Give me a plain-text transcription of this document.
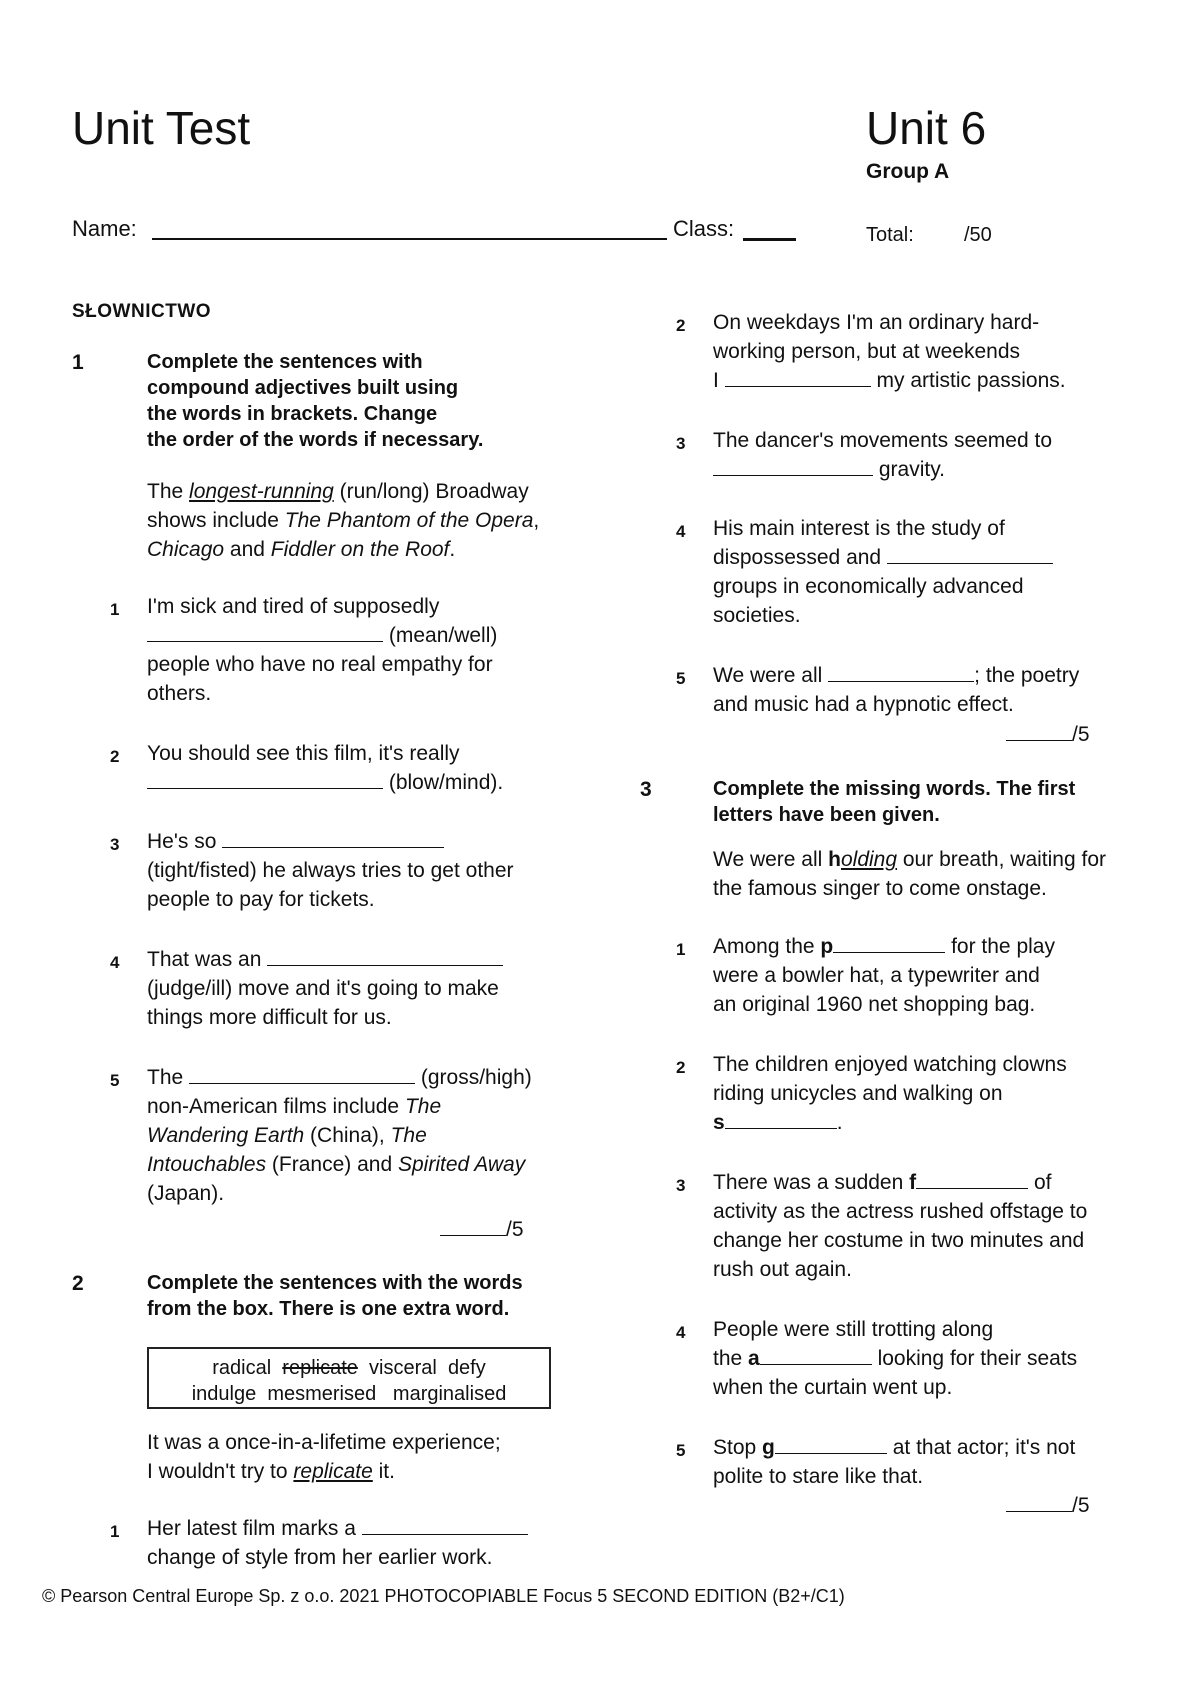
Unit Test	Unit 6
Group A
Name:	Class:	Total:	/50
SŁOWNICTWO
1	Complete the sentences with
compound adjectives built using
the words in brackets. Change
the order of the words if necessary.
The longest-running (run/long) Broadway
shows include The Phantom of the Opera,
Chicago and Fiddler on the Roof.
1 I'm sick and tired of supposedly
(mean/well)
people who have no real empathy for
others.
2 You should see this film, it's really
(blow/mind).
3 He's so
(tight/fisted) he always tries to get other
people to pay for tickets.
4 That was an
(judge/ill) move and it's going to make
things more difficult for us.
5 The	(gross/high)
non-American films include The
Wandering Earth (China), The
Intouchables (France) and Spirited Away
(Japan).
/5
2	Complete the sentences with the words
from the box. There is one extra word.
radical replicate visceral defy
indulge mesmerised marginalised
It was a once-in-a-lifetime experience;
I wouldn't try to replicate it.
1 Her latest film marks a
change of style from her earlier work.
2 On weekdays I'm an ordinary hard-
working person, but at weekends
I	my artistic passions.
3 The dancer's movements seemed to
gravity.
4 His main interest is the study of
dispossessed and
groups in economically advanced
societies.
5 We were all	; the poetry
and music had a hypnotic effect.
/5
3	Complete the missing words. The first
letters have been given.
We were all holding our breath, waiting for
the famous singer to come onstage.
1 Among the p	for the play
were a bowler hat, a typewriter and
an original 1960 net shopping bag.
2 The children enjoyed watching clowns
riding unicycles and walking on
s	.
3 There was a sudden f	of
activity as the actress rushed offstage to
change her costume in two minutes and
rush out again.
4 People were still trotting along
the a	looking for their seats
when the curtain went up.
5 Stop g	at that actor; it's not
polite to stare like that.
/5
© Pearson Central Europe Sp. z o.o. 2021 PHOTOCOPIABLE Focus 5 SECOND EDITION (B2+/C1)
